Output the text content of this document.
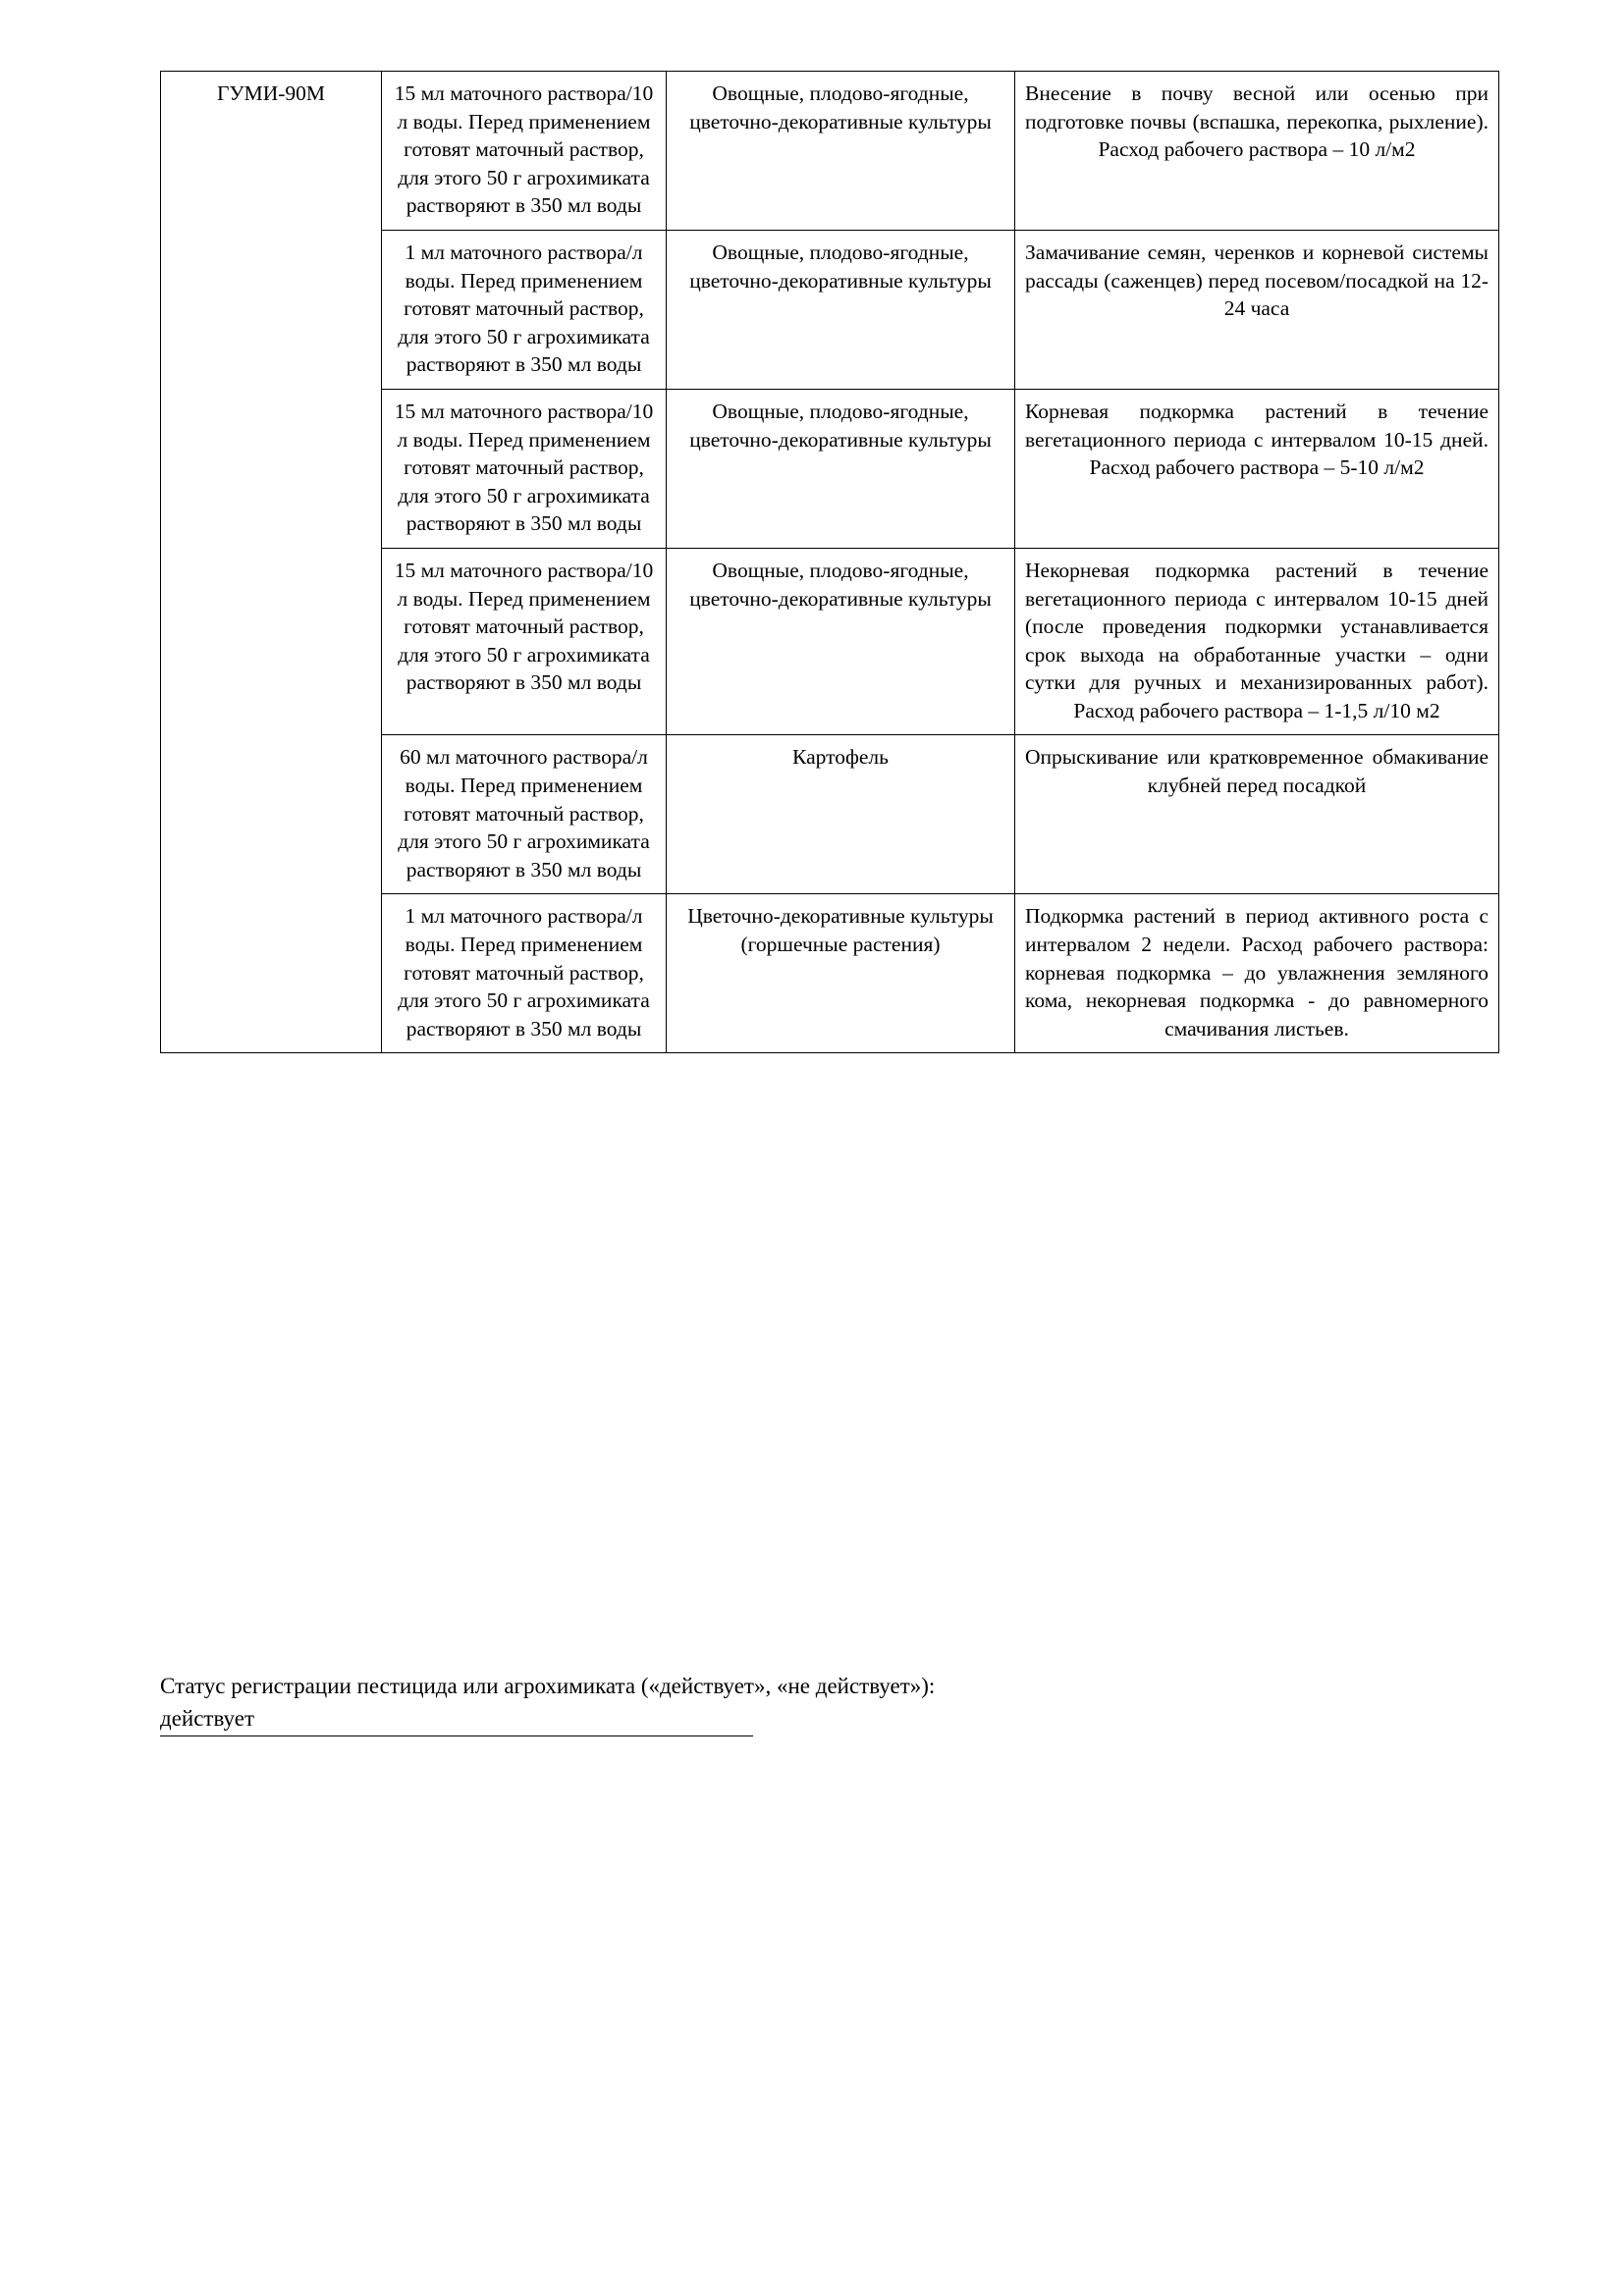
ГУМИ-90М	15 мл маточного раствора/10 л воды. Перед применением готовят маточный раствор, для этого 50 г агрохимиката растворяют в 350 мл воды	Овощные, плодово-ягодные, цветочно-декоративные культуры	Внесение в почву весной или осенью при подготовке почвы (вспашка, перекопка, рыхление). Расход рабочего раствора – 10 л/м2
	1 мл маточного раствора/л воды. Перед применением готовят маточный раствор, для этого 50 г агрохимиката растворяют в 350 мл воды	Овощные, плодово-ягодные, цветочно-декоративные культуры	Замачивание семян, черенков и корневой системы рассады (саженцев) перед посевом/посадкой на 12-24 часа
	15 мл маточного раствора/10 л воды. Перед применением готовят маточный раствор, для этого 50 г агрохимиката растворяют в 350 мл воды	Овощные, плодово-ягодные, цветочно-декоративные культуры	Корневая подкормка растений в течение вегетационного периода с интервалом 10-15 дней. Расход рабочего раствора – 5-10 л/м2
	15 мл маточного раствора/10 л воды. Перед применением готовят маточный раствор, для этого 50 г агрохимиката растворяют в 350 мл воды	Овощные, плодово-ягодные, цветочно-декоративные культуры	Некорневая подкормка растений в течение вегетационного периода с интервалом 10-15 дней (после проведения подкормки устанавливается срок выхода на обработанные участки – одни сутки для ручных и механизированных работ). Расход рабочего раствора – 1-1,5 л/10 м2
	60 мл маточного раствора/л воды. Перед применением готовят маточный раствор, для этого 50 г агрохимиката растворяют в 350 мл воды	Картофель	Опрыскивание или кратковременное обмакивание клубней перед посадкой
	1 мл маточного раствора/л воды. Перед применением готовят маточный раствор, для этого 50 г агрохимиката растворяют в 350 мл воды	Цветочно-декоративные культуры (горшечные растения)	Подкормка растений в период активного роста с интервалом 2 недели. Расход рабочего раствора: корневая подкормка – до увлажнения земляного кома, некорневая подкормка - до равномерного смачивания листьев.
Статус регистрации пестицида или агрохимиката («действует», «не действует»):
действует
